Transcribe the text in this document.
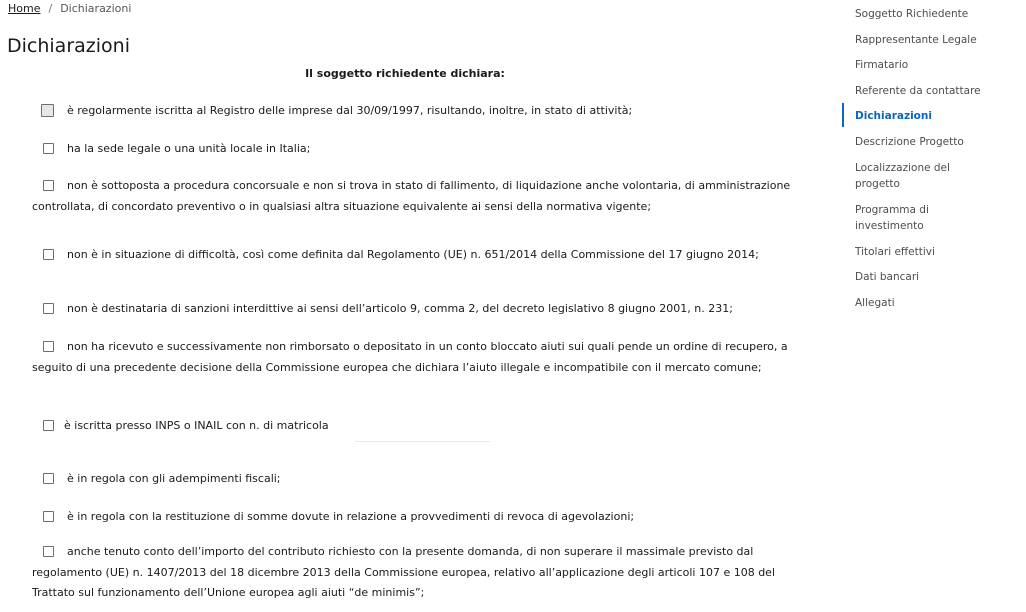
Home / Dichiarazioni
Dichiarazioni
Il soggetto richiedente dichiara:
è regolarmente iscritta al Registro delle imprese dal 30/09/1997, risultando, inoltre, in stato di attività;
ha la sede legale o una unità locale in Italia;
non è sottoposta a procedura concorsuale e non si trova in stato di fallimento, di liquidazione anche volontaria, di amministrazione controllata, di concordato preventivo o in qualsiasi altra situazione equivalente ai sensi della normativa vigente;
non è in situazione di difficoltà, così come definita dal Regolamento (UE) n. 651/2014 della Commissione del 17 giugno 2014;
non è destinataria di sanzioni interdittive ai sensi dell’articolo 9, comma 2, del decreto legislativo 8 giugno 2001, n. 231;
non ha ricevuto e successivamente non rimborsato o depositato in un conto bloccato aiuti sui quali pende un ordine di recupero, a seguito di una precedente decisione della Commissione europea che dichiara l’aiuto illegale e incompatibile con il mercato comune;
è iscritta presso INPS o INAIL con n. di matricola
è in regola con gli adempimenti fiscali;
è in regola con la restituzione di somme dovute in relazione a provvedimenti di revoca di agevolazioni;
anche tenuto conto dell’importo del contributo richiesto con la presente domanda, di non superare il massimale previsto dal regolamento (UE) n. 1407/2013 del 18 dicembre 2013 della Commissione europea, relativo all’applicazione degli articoli 107 e 108 del Trattato sul funzionamento dell’Unione europea agli aiuti “de minimis”;
Soggetto Richiedente
Rappresentante Legale
Firmatario
Referente da contattare
Dichiarazioni
Descrizione Progetto
Localizzazione del progetto
Programma di investimento
Titolari effettivi
Dati bancari
Allegati
